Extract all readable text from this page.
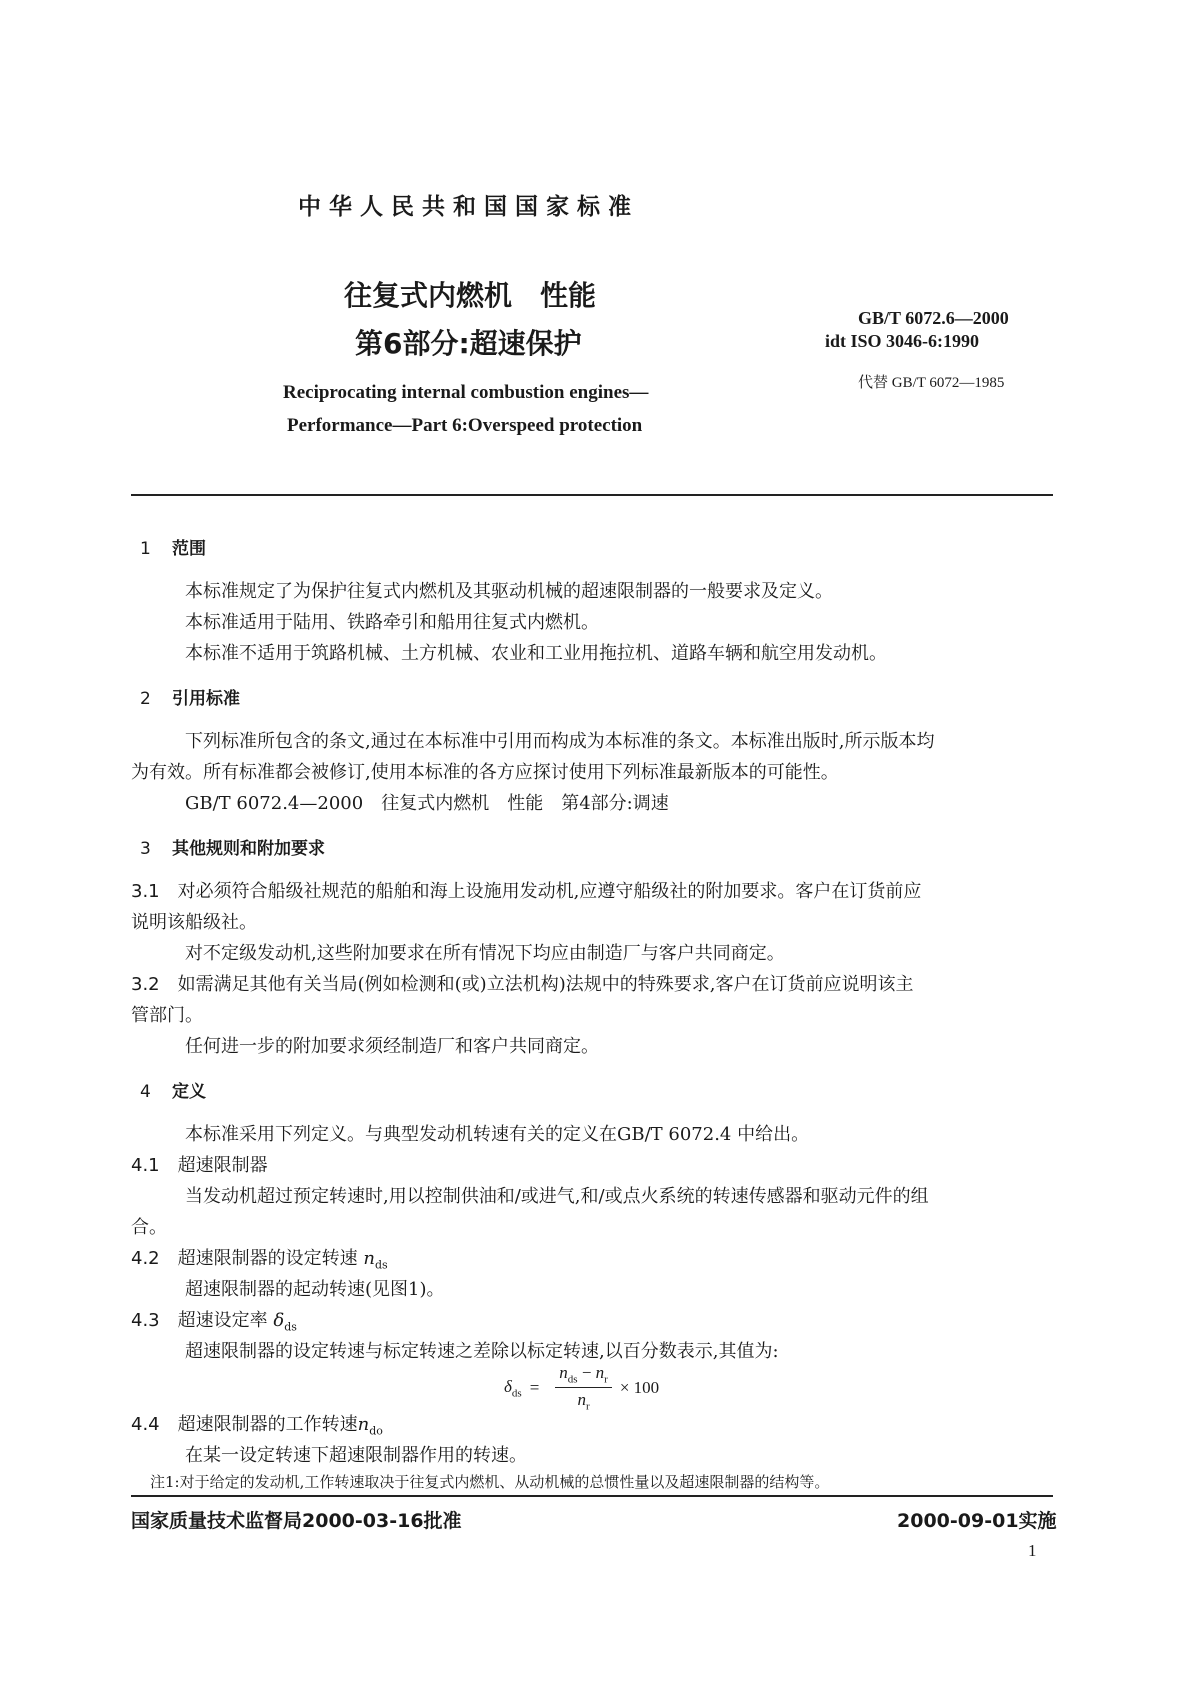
中华人民共和国国家标准
往复式内燃机　性能
第6部分:超速保护
GB/T 6072.6—2000
idt ISO 3046-6:1990
代替 GB/T 6072—1985
Reciprocating internal combustion engines—
Performance—Part 6:Overspeed protection
1 范围
本标准规定了为保护往复式内燃机及其驱动机械的超速限制器的一般要求及定义。
本标准适用于陆用、铁路牵引和船用往复式内燃机。
本标准不适用于筑路机械、土方机械、农业和工业用拖拉机、道路车辆和航空用发动机。
2 引用标准
下列标准所包含的条文,通过在本标准中引用而构成为本标准的条文。本标准出版时,所示版本均
为有效。所有标准都会被修订,使用本标准的各方应探讨使用下列标准最新版本的可能性。
GB/T 6072.4—2000　往复式内燃机　性能　第4部分:调速
3 其他规则和附加要求
3.1 对必须符合船级社规范的船舶和海上设施用发动机,应遵守船级社的附加要求。客户在订货前应
说明该船级社。
对不定级发动机,这些附加要求在所有情况下均应由制造厂与客户共同商定。
3.2 如需满足其他有关当局(例如检测和(或)立法机构)法规中的特殊要求,客户在订货前应说明该主
管部门。
任何进一步的附加要求须经制造厂和客户共同商定。
4 定义
本标准采用下列定义。与典型发动机转速有关的定义在GB/T 6072.4 中给出。
4.1 超速限制器
当发动机超过预定转速时,用以控制供油和/或进气,和/或点火系统的转速传感器和驱动元件的组
合。
4.2 超速限制器的设定转速 $n_{ds}$
超速限制器的起动转速(见图1)。
4.3 超速设定率 $\delta_{ds}$
超速限制器的设定转速与标定转速之差除以标定转速,以百分数表示,其值为:
$\delta_{ds} = \frac{n_{ds} - n_r}{n_r} \times 100$
4.4 超速限制器的工作转速$n_{do}$
在某一设定转速下超速限制器作用的转速。
注1:对于给定的发动机,工作转速取决于往复式内燃机、从动机械的总惯性量以及超速限制器的结构等。
国家质量技术监督局2000-03-16批准	2000-09-01实施
1
